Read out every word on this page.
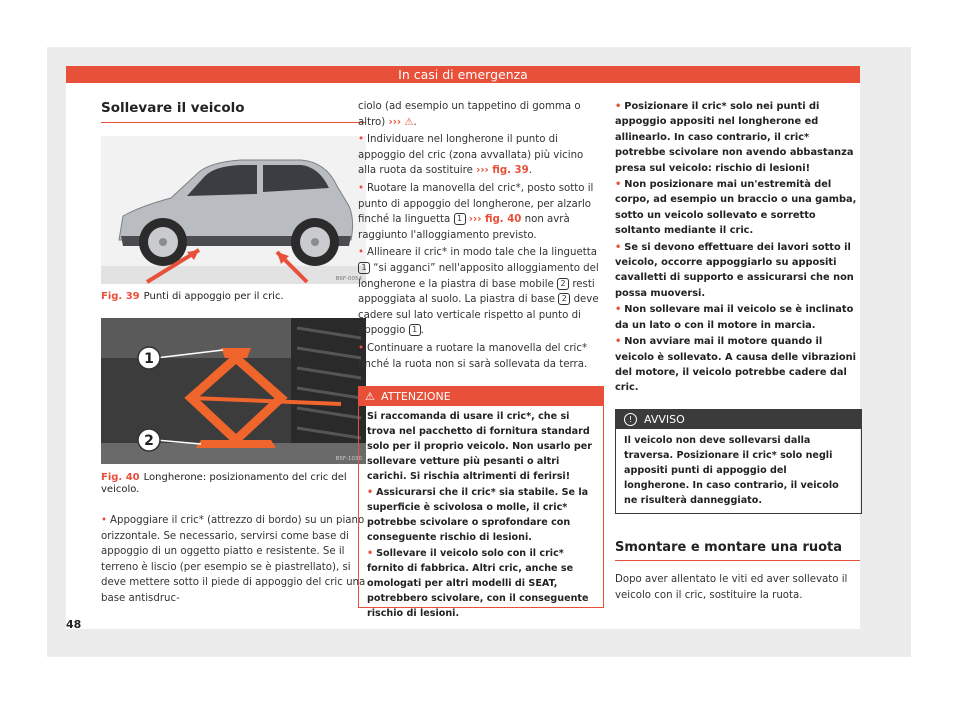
In casi di emergenza
Sollevare il veicolo
B6F-0054
Fig. 39 Punti di appoggio per il cric.
1
2
B5F-1030
Fig. 40 Longherone: posizionamento del cric del veicolo.

• Appoggiare il cric* (attrezzo di bordo) su un piano orizzontale. Se necessario, servirsi come base di appoggio di un oggetto piatto e resistente. Se il terreno è liscio (per esempio se è piastrellato), si deve mettere sotto il piede di appoggio del cric una base antisdruc-

ciolo (ad esempio un tappetino di gomma o altro) ››› ⚠.

• Individuare nel longherone il punto di appoggio del cric (zona avvallata) più vicino alla ruota da sostituire ››› fig. 39.

• Ruotare la manovella del cric*, posto sotto il punto di appoggio del longherone, per alzarlo finché la linguetta 1 ››› fig. 40 non avrà raggiunto l'alloggiamento previsto.

• Allineare il cric* in modo tale che la linguetta 1 “si agganci” nell'apposito alloggiamento del longherone e la piastra di base mobile 2 resti appoggiata al suolo. La piastra di base 2 deve cadere sul lato verticale rispetto al punto di appoggio 1 .

• Continuare a ruotare la manovella del cric* finché la ruota non si sarà sollevata da terra.

⚠ ATTENZIONE

Si raccomanda di usare il cric*, che si trova nel pacchetto di fornitura standard solo per il proprio veicolo. Non usarlo per sollevare vetture più pesanti o altri carichi. Si rischia altrimenti di ferirsi!

• Assicurarsi che il cric* sia stabile. Se la superficie è scivolosa o molle, il cric* potrebbe scivolare o sprofondare con conseguente rischio di lesioni.

• Sollevare il veicolo solo con il cric* fornito di fabbrica. Altri cric, anche se omologati per altri modelli di SEAT, potrebbero scivolare, con il conseguente rischio di lesioni.

• Posizionare il cric* solo nei punti di appoggio appositi nel longherone ed allinearlo. In caso contrario, il cric* potrebbe scivolare non avendo abbastanza presa sul veicolo: rischio di lesioni!

• Non posizionare mai un'estremità del corpo, ad esempio un braccio o una gamba, sotto un veicolo sollevato e sorretto soltanto mediante il cric.

• Se si devono effettuare dei lavori sotto il veicolo, occorre appoggiarlo su appositi cavalletti di supporto e assicurarsi che non possa muoversi.

• Non sollevare mai il veicolo se è inclinato da un lato o con il motore in marcia.

• Non avviare mai il motore quando il veicolo è sollevato. A causa delle vibrazioni del motore, il veicolo potrebbe cadere dal cric.

!	AVVISO
Il veicolo non deve sollevarsi dalla traversa. Posizionare il cric* solo negli appositi punti di appoggio del longherone. In caso contrario, il veicolo ne risulterà danneggiato.
Smontare e montare una ruota
Dopo aver allentato le viti ed aver sollevato il veicolo con il cric, sostituire la ruota.
48
